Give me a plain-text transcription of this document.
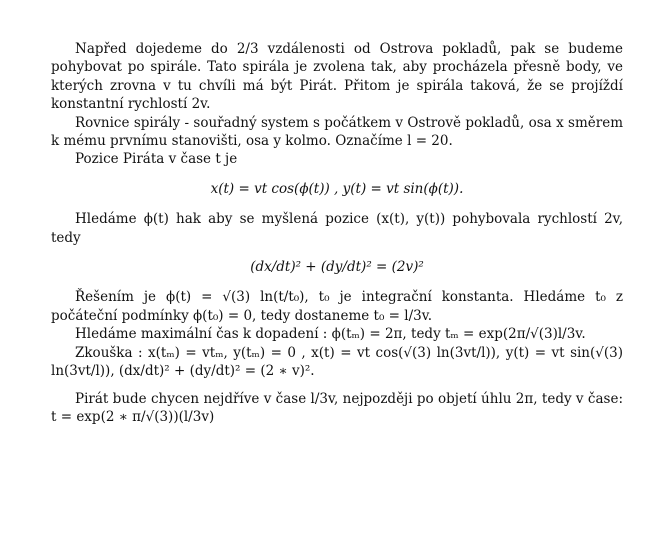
Napřed dojedeme do 2/3 vzdálenosti od Ostrova pokladů, pak se budeme pohybovat po spirále. Tato spirála je zvolena tak, aby procházela přesně body, ve kterých zrovna v tu chvíli má být Pirát. Přitom je spirála taková, že se projíždí konstantní rychlostí 2v.

Rovnice spirály - souřadný system s počátkem v Ostrově pokladů, osa x směrem k mému prvnímu stanovišti, osa y kolmo. Označíme l = 20.

Pozice Piráta v čase t je

x(t) = vt cos(ϕ(t)) , y(t) = vt sin(ϕ(t)).

Hledáme ϕ(t) hak aby se myšlená pozice (x(t), y(t)) pohybovala rychlostí 2v, tedy

(dx/dt)² + (dy/dt)² = (2v)²

Řešením je ϕ(t) = √(3) ln(t/t₀), t₀ je integrační konstanta. Hledáme t₀ z počáteční podmínky ϕ(t₀) = 0, tedy dostaneme t₀ = l/3v.

Hledáme maximální čas k dopadení : ϕ(tₘ) = 2π, tedy tₘ = exp(2π/√(3)l/3v.

Zkouška : x(tₘ) = vtₘ, y(tₘ) = 0 , x(t) = vt cos(√(3) ln(3vt/l)), y(t) = vt sin(√(3) ln(3vt/l)), (dx/dt)² + (dy/dt)² = (2 ∗ v)².

Pirát bude chycen nejdříve v čase l/3v, nejpozději po objetí úhlu 2π, tedy v čase: t = exp(2 ∗ π/√(3))(l/3v)
